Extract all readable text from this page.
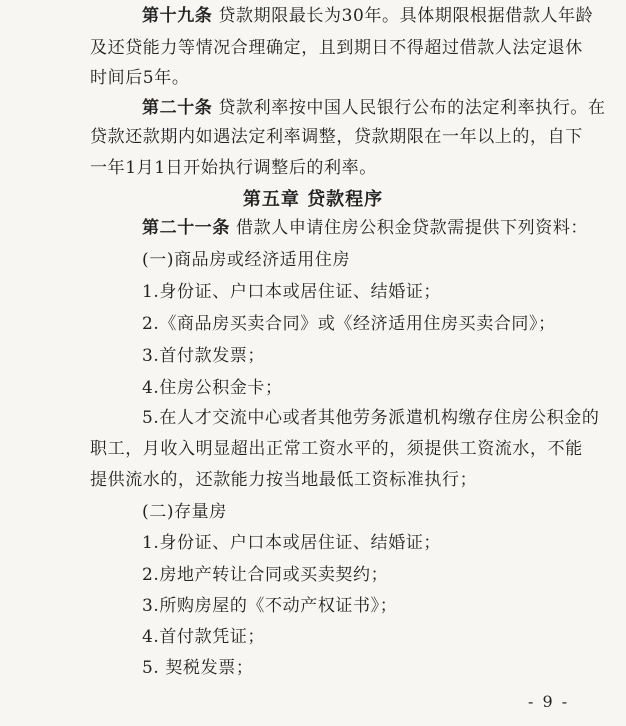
第十九条 贷款期限最长为30年。具体期限根据借款人年龄
及还贷能力等情况合理确定，且到期日不得超过借款人法定退休
时间后5年。
第二十条 贷款利率按中国人民银行公布的法定利率执行。在
贷款还款期内如遇法定利率调整，贷款期限在一年以上的，自下
一年1月1日开始执行调整后的利率。
第五章 贷款程序
第二十一条 借款人申请住房公积金贷款需提供下列资料：
(一)商品房或经济适用住房
1.身份证、户口本或居住证、结婚证；
2.《商品房买卖合同》或《经济适用住房买卖合同》；
3.首付款发票；
4.住房公积金卡；
5.在人才交流中心或者其他劳务派遣机构缴存住房公积金的
职工，月收入明显超出正常工资水平的，须提供工资流水，不能
提供流水的，还款能力按当地最低工资标准执行；
(二)存量房
1.身份证、户口本或居住证、结婚证；
2.房地产转让合同或买卖契约；
3.所购房屋的《不动产权证书》；
4.首付款凭证；
5. 契税发票；
- 9 -
